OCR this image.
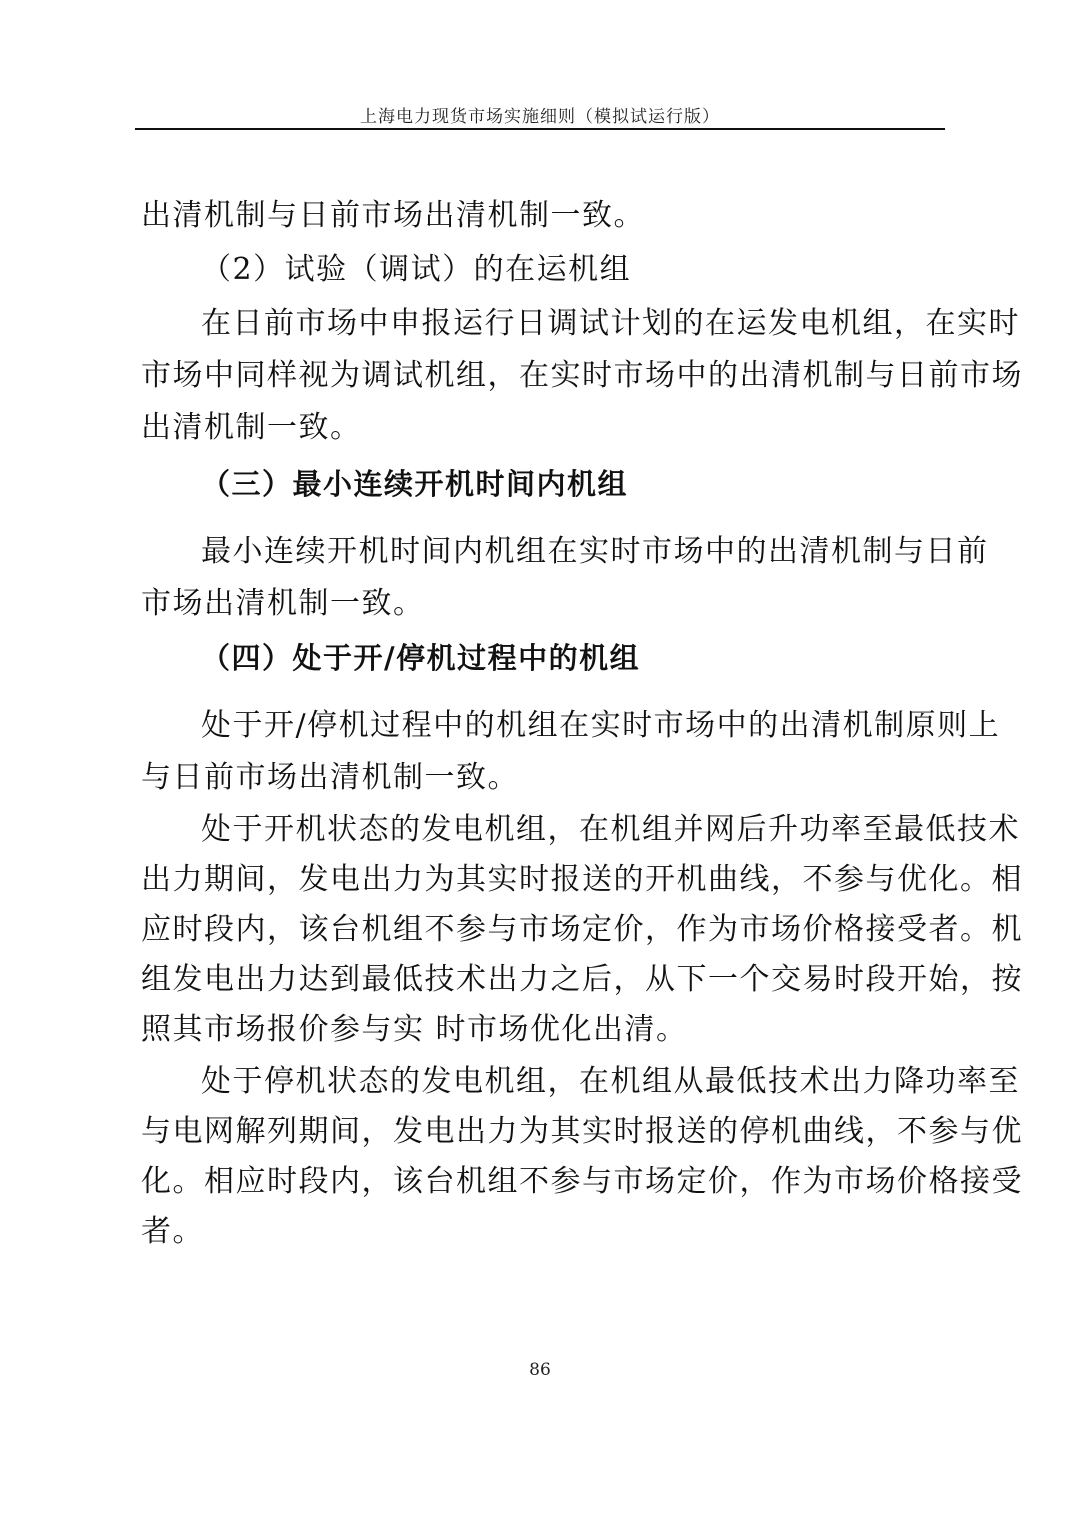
上海电力现货市场实施细则（模拟试运行版）
出清机制与日前市场出清机制一致。
（2）试验（调试）的在运机组
在日前市场中申报运行日调试计划的在运发电机组，在实时
市场中同样视为调试机组，在实时市场中的出清机制与日前市场
出清机制一致。
（三）最小连续开机时间内机组
最小连续开机时间内机组在实时市场中的出清机制与日前
市场出清机制一致。
（四）处于开/停机过程中的机组
处于开/停机过程中的机组在实时市场中的出清机制原则上
与日前市场出清机制一致。
处于开机状态的发电机组，在机组并网后升功率至最低技术
出力期间，发电出力为其实时报送的开机曲线，不参与优化。相
应时段内，该台机组不参与市场定价，作为市场价格接受者。机
组发电出力达到最低技术出力之后，从下一个交易时段开始，按
照其市场报价参与实 时市场优化出清。
处于停机状态的发电机组，在机组从最低技术出力降功率至
与电网解列期间，发电出力为其实时报送的停机曲线，不参与优
化。相应时段内，该台机组不参与市场定价，作为市场价格接受
者。
86
